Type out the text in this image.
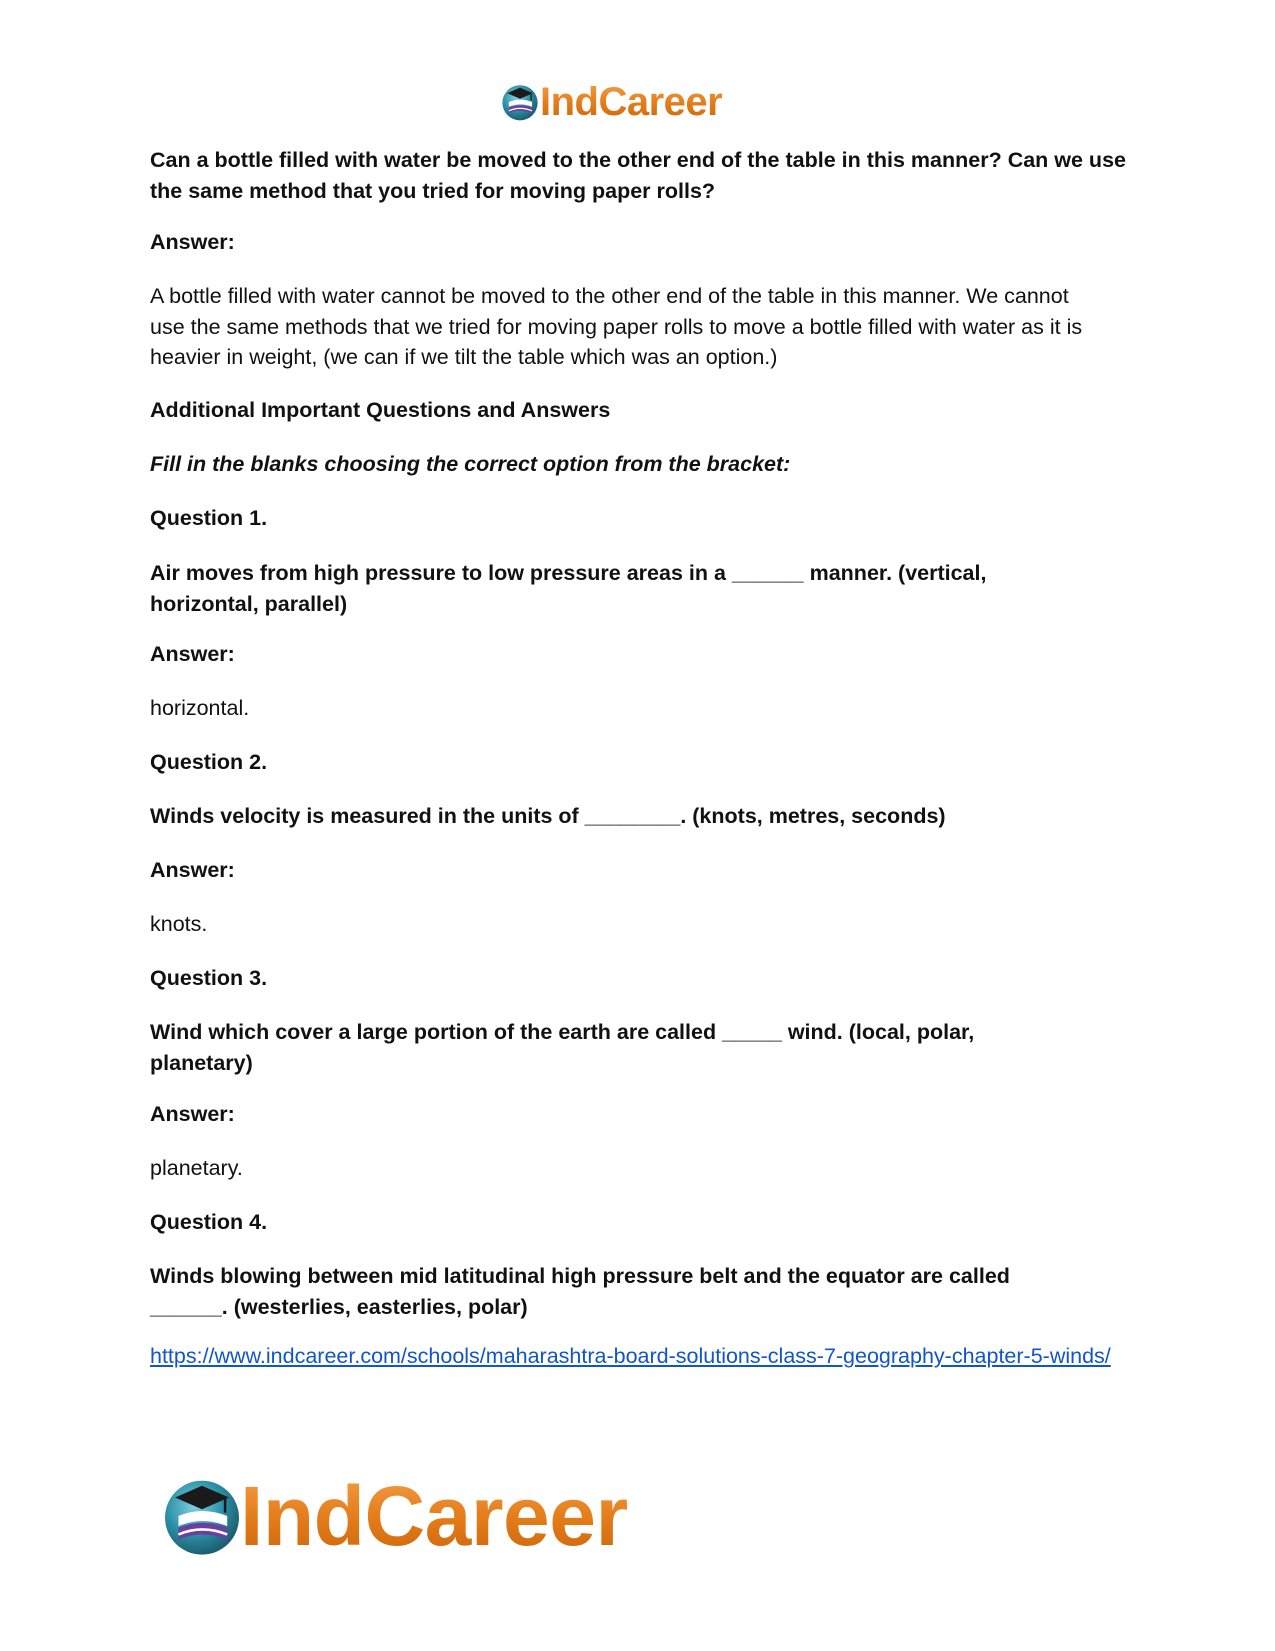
IndCareer

Can a bottle filled with water be moved to the other end of the table in this manner? Can we use the same method that you tried for moving paper rolls?

Answer:

A bottle filled with water cannot be moved to the other end of the table in this manner. We cannot use the same methods that we tried for moving paper rolls to move a bottle filled with water as it is heavier in weight, (we can if we tilt the table which was an option.)

Additional Important Questions and Answers

Fill in the blanks choosing the correct option from the bracket:

Question 1.

Air moves from high pressure to low pressure areas in a ______ manner. (vertical, horizontal, parallel)

Answer:

horizontal.

Question 2.

Winds velocity is measured in the units of ________. (knots, metres, seconds)

Answer:

knots.

Question 3.

Wind which cover a large portion of the earth are called _____ wind. (local, polar, planetary)

Answer:

planetary.

Question 4.

Winds blowing between mid latitudinal high pressure belt and the equator are called ______. (westerlies, easterlies, polar)

https://www.indcareer.com/schools/maharashtra-board-solutions-class-7-geography-chapter-5-winds/
IndCareer
